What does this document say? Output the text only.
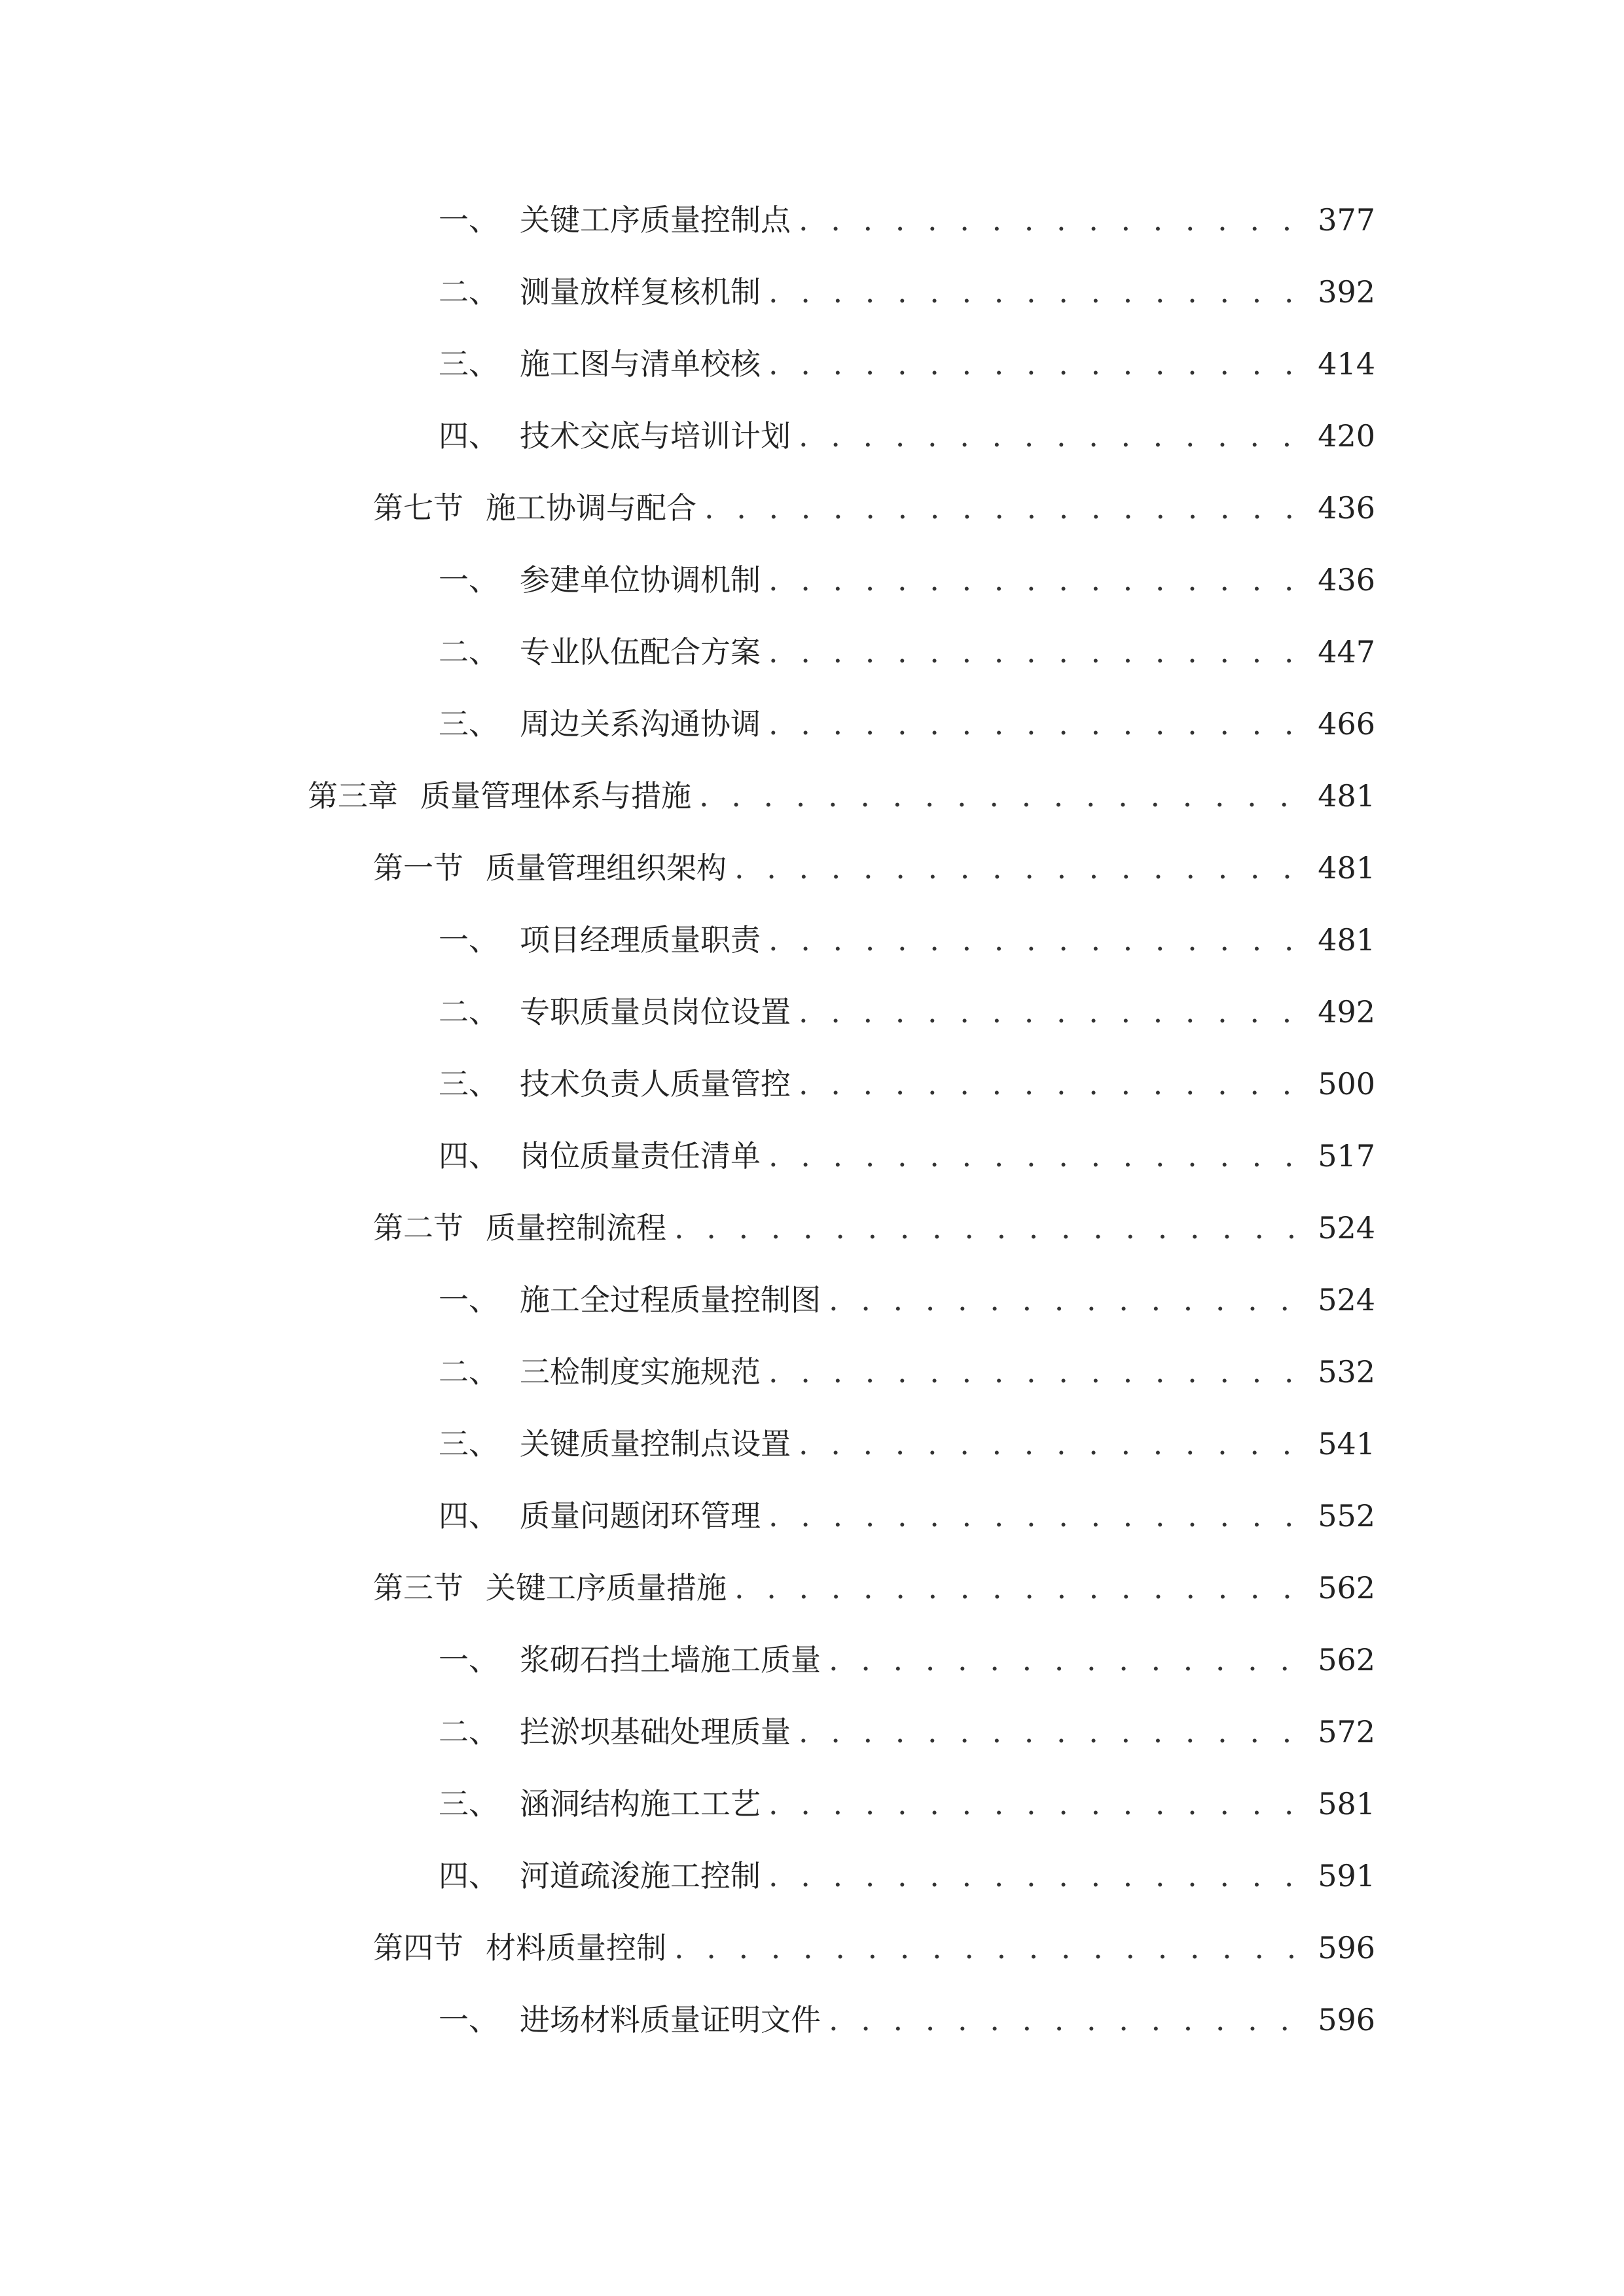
一、 关键工序质量控制点 . . .	377
二、 测量放样复核机制 . . .	392
三、 施工图与清单校核 . . .	414
四、 技术交底与培训计划 . . .	420
第七节 施工协调与配合 . . .	436
一、 参建单位协调机制 . . .	436
二、 专业队伍配合方案 . . .	447
三、 周边关系沟通协调 . . .	466
第三章 质量管理体系与措施 . . .	481
第一节 质量管理组织架构 . . .	481
一、 项目经理质量职责 . . .	481
二、 专职质量员岗位设置 . . .	492
三、 技术负责人质量管控 . . .	500
四、 岗位质量责任清单 . . .	517
第二节 质量控制流程 . . .	524
一、 施工全过程质量控制图 . . .	524
二、 三检制度实施规范 . . .	532
三、 关键质量控制点设置 . . .	541
四、 质量问题闭环管理 . . .	552
第三节 关键工序质量措施 . . .	562
一、 浆砌石挡土墙施工质量 . . .	562
二、 拦淤坝基础处理质量 . . .	572
三、 涵洞结构施工工艺 . . .	581
四、 河道疏浚施工控制 . . .	591
第四节 材料质量控制 . . .	596
一、 进场材料质量证明文件 . . .	596
